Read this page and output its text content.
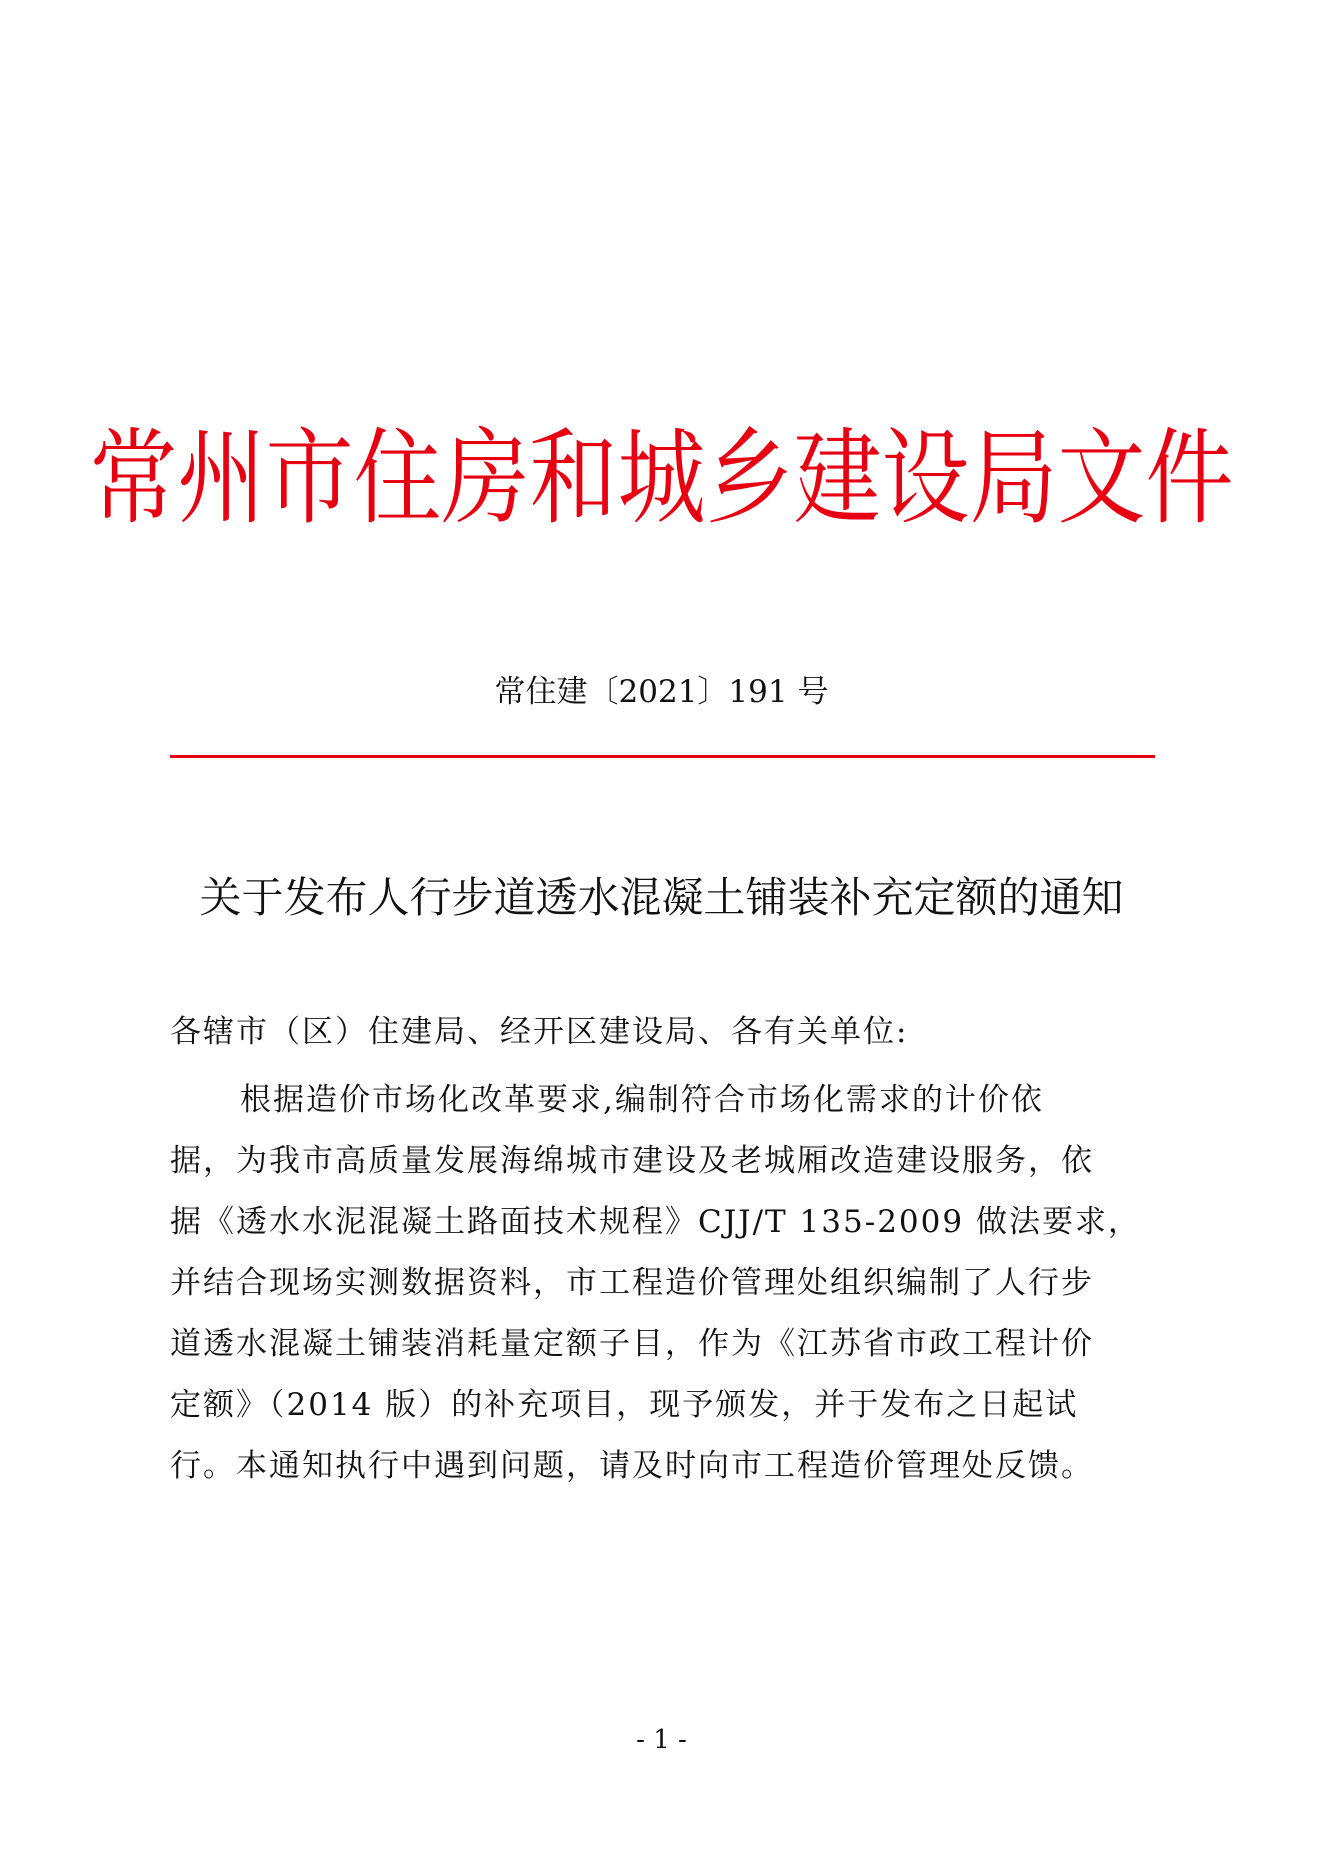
常州市住房和城乡建设局文件
常住建〔2021〕191 号
关于发布人行步道透水混凝土铺装补充定额的通知
各辖市（区）住建局、经开区建设局、各有关单位:
根据造价市场化改革要求,编制符合市场化需求的计价依
据，为我市高质量发展海绵城市建设及老城厢改造建设服务，依
据《透水水泥混凝土路面技术规程》CJJ/T 135-2009 做法要求，
并结合现场实测数据资料，市工程造价管理处组织编制了人行步
道透水混凝土铺装消耗量定额子目，作为《江苏省市政工程计价
定额》（2014 版）的补充项目，现予颁发，并于发布之日起试
行。本通知执行中遇到问题，请及时向市工程造价管理处反馈。
- 1 -
